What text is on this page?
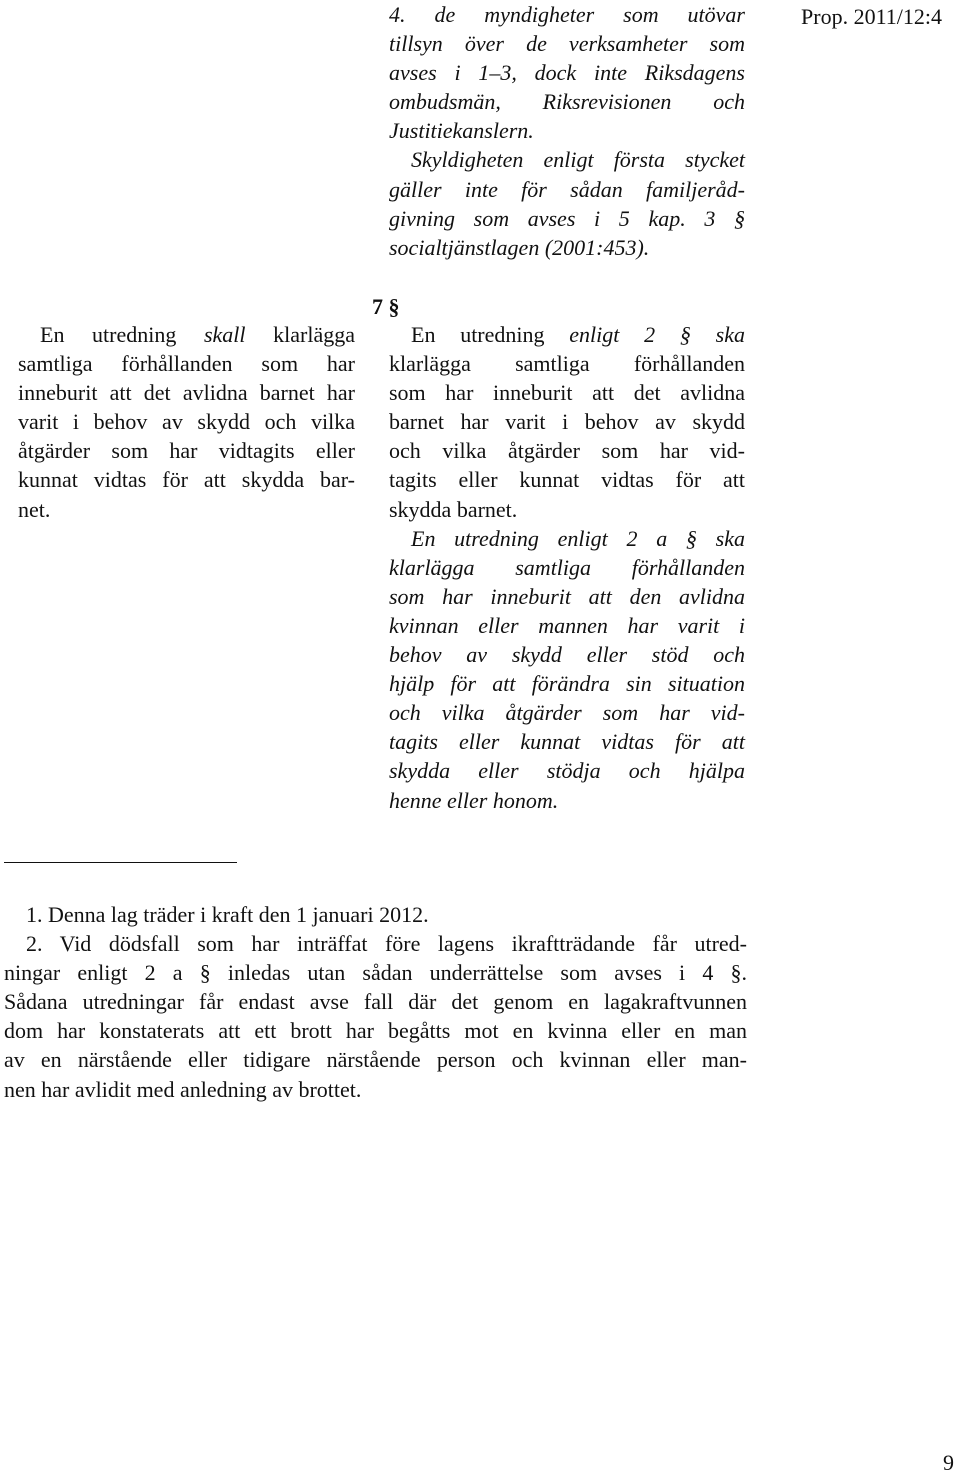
Prop. 2011/12:4
4. de myndigheter som utövar
tillsyn över de verksamheter som
avses i 1–3, dock inte Riksdagens
ombudsmän, Riksrevisionen och
Justitiekanslern.
Skyldigheten enligt första stycket
gäller inte för sådan familjeråd-
givning som avses i 5 kap. 3 §
socialtjänstlagen (2001:453).
7 §
En utredning skall klarlägga
samtliga förhållanden som har
inneburit att det avlidna barnet har
varit i behov av skydd och vilka
åtgärder som har vidtagits eller
kunnat vidtas för att skydda bar-
net.
En utredning enligt 2 § ska
klarlägga samtliga förhållanden
som har inneburit att det avlidna
barnet har varit i behov av skydd
och vilka åtgärder som har vid-
tagits eller kunnat vidtas för att
skydda barnet.
En utredning enligt 2 a § ska
klarlägga samtliga förhållanden
som har inneburit att den avlidna
kvinnan eller mannen har varit i
behov av skydd eller stöd och
hjälp för att förändra sin situation
och vilka åtgärder som har vid-
tagits eller kunnat vidtas för att
skydda eller stödja och hjälpa
henne eller honom.
1. Denna lag träder i kraft den 1 januari 2012.
2. Vid dödsfall som har inträffat före lagens ikraftträdande får utred-
ningar enligt 2 a § inledas utan sådan underrättelse som avses i 4 §.
Sådana utredningar får endast avse fall där det genom en lagakraftvunnen
dom har konstaterats att ett brott har begåtts mot en kvinna eller en man
av en närstående eller tidigare närstående person och kvinnan eller man-
nen har avlidit med anledning av brottet.
9
